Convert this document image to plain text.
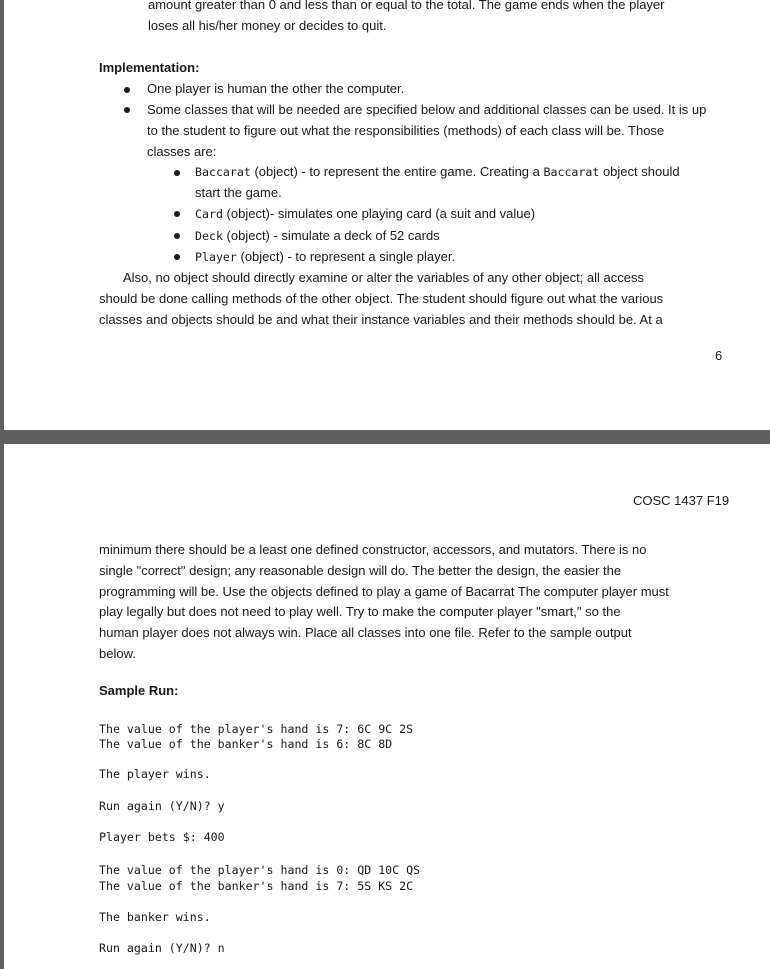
amount greater than 0 and less than or equal to the total. The game ends when the player
loses all his/her money or decides to quit.
Implementation:
One player is human the other the computer.
Some classes that will be needed are specified below and additional classes can be used. It is up
to the student to figure out what the responsibilities (methods) of each class will be. Those
classes are:
Baccarat (object) - to represent the entire game. Creating a Baccarat object should
start the game.
Card (object)- simulates one playing card (a suit and value)
Deck (object) - simulate a deck of 52 cards
Player (object) - to represent a single player.
Also, no object should directly examine or alter the variables of any other object; all access
should be done calling methods of the other object. The student should figure out what the various
classes and objects should be and what their instance variables and their methods should be. At a
6
COSC 1437 F19
minimum there should be a least one defined constructor, accessors, and mutators. There is no
single "correct" design; any reasonable design will do. The better the design, the easier the
programming will be. Use the objects defined to play a game of Bacarrat The computer player must
play legally but does not need to play well. Try to make the computer player "smart," so the
human player does not always win. Place all classes into one file. Refer to the sample output
below.
Sample Run:
The value of the player's hand is 7: 6C 9C 2S
The value of the banker's hand is 6: 8C 8D
The player wins.
Run again (Y/N)? y
Player bets $: 400
The value of the player's hand is 0: QD 10C QS
The value of the banker's hand is 7: 5S KS 2C
The banker wins.
Run again (Y/N)? n
